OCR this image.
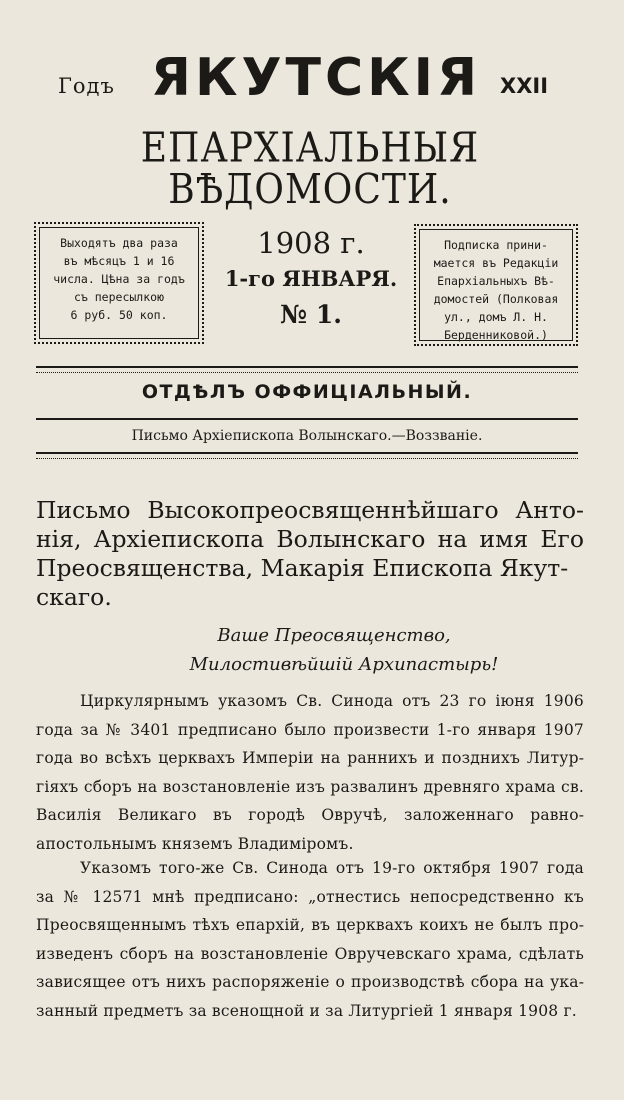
Годъ ЯКУТСКІЯ XXII
ЕПАРХІАЛЬНЫЯ ВѢДОМОСТИ.
Выходятъ два раза
въ мѣсяцъ 1 и 16
числа. Цѣна за годъ
съ пересылкою
6 руб. 50 коп.
1908 г.
1-го ЯНВАРЯ.
№ 1.
Подписка прини-
мается въ Редакціи
Епархіальныхъ Вѣ-
домостей (Полковая
ул., домъ Л. Н.
Берденниковой.)
ОТДѢЛЪ ОФФИЦІАЛЬНЫЙ.
Письмо Архіепископа Волынскаго.—Воззваніе.
Письмо Высокопреосвященнѣйшаго Антонія, Архіепископа Волынскаго на имя Его Преосвященства, Макарія Епископа Якут-
скаго.
Ваше Преосвященство,
Милостивѣйшій Архипастырь!
Циркулярнымъ указомъ Св. Синода отъ 23 го іюня 1906 года за № 3401 предписано было произвести 1-го января 1907 года во всѣхъ церквахъ Имперіи на раннихъ и позднихъ Литургіяхъ сборъ на возстановленіе изъ развалинъ древняго храма св. Василія Великаго въ городѣ Овручѣ, заложеннаго равноапостольнымъ княземъ Владиміромъ.
Указомъ того-же Св. Синода отъ 19-го октября 1907 года за № 12571 мнѣ предписано: „отнестись непосредственно къ Преосвященнымъ тѣхъ епархій, въ церквахъ коихъ не былъ произведенъ сборъ на возстановленіе Овручевскаго храма, сдѣлать зависящее отъ нихъ распоряженіе о производствѣ сбора на указанный предметъ за всенощной и за Литургіей 1 января 1908 г.
